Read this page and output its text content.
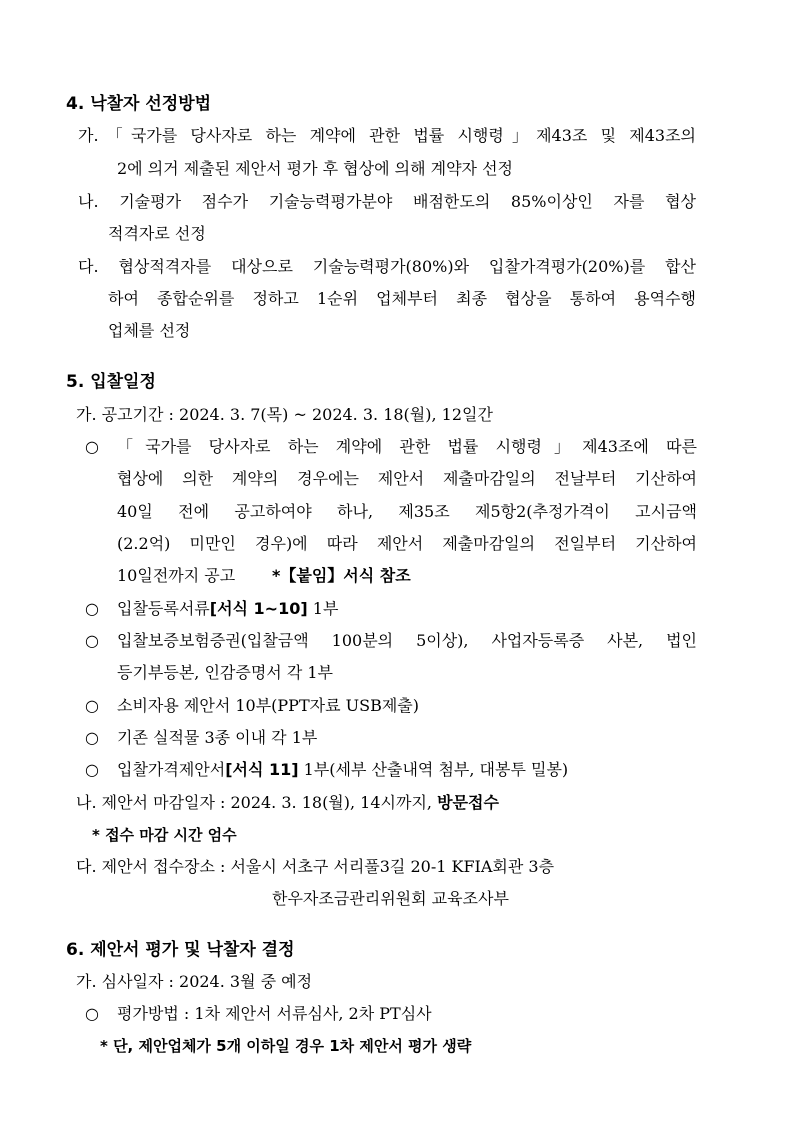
4. 낙찰자 선정방법
가.「국가를 당사자로 하는 계약에 관한 법률 시행령」제43조 및 제43조의
2에 의거 제출된 제안서 평가 후 협상에 의해 계약자 선정
나. 기술평가 점수가 기술능력평가분야 배점한도의 85%이상인 자를 협상
적격자로 선정
다. 협상적격자를 대상으로 기술능력평가(80%)와 입찰가격평가(20%)를 합산
하여 종합순위를 정하고 1순위 업체부터 최종 협상을 통하여 용역수행
업체를 선정
5. 입찰일정
가. 공고기간 : 2024. 3. 7(목) ~ 2024. 3. 18(월), 12일간
○ 「국가를 당사자로 하는 계약에 관한 법률 시행령」제43조에 따른
협상에 의한 계약의 경우에는 제안서 제출마감일의 전날부터 기산하여
40일 전에 공고하여야 하나, 제35조 제5항2(추정가격이 고시금액
(2.2억) 미만인 경우)에 따라 제안서 제출마감일의 전일부터 기산하여
10일전까지 공고 *【붙임】서식 참조
○ 입찰등록서류[서식 1~10] 1부
○ 입찰보증보험증권(입찰금액 100분의 5이상), 사업자등록증 사본, 법인
등기부등본, 인감증명서 각 1부
○ 소비자용 제안서 10부(PPT자료 USB제출)
○ 기존 실적물 3종 이내 각 1부
○ 입찰가격제안서[서식 11] 1부(세부 산출내역 첨부, 대봉투 밀봉)
나. 제안서 마감일자 : 2024. 3. 18(월), 14시까지, 방문접수
* 접수 마감 시간 엄수
다. 제안서 접수장소 : 서울시 서초구 서리풀3길 20-1 KFIA회관 3층
한우자조금관리위원회 교육조사부
6. 제안서 평가 및 낙찰자 결정
가. 심사일자 : 2024. 3월 중 예정
○ 평가방법 : 1차 제안서 서류심사, 2차 PT심사
* 단, 제안업체가 5개 이하일 경우 1차 제안서 평가 생략
